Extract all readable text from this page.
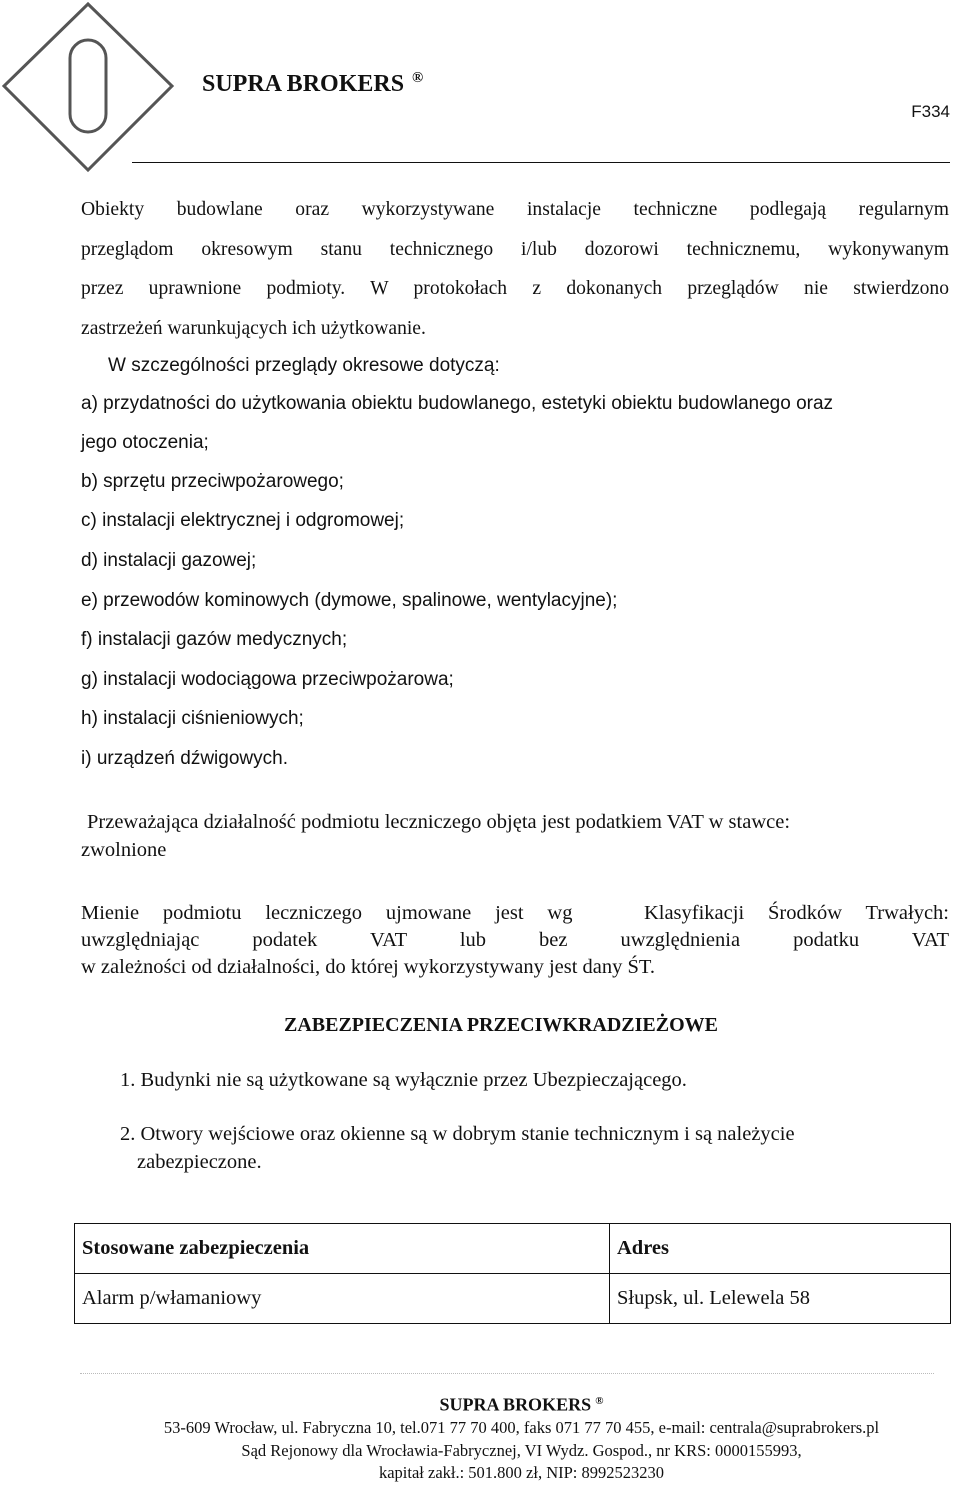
SUPRA BROKERS ®
F334
Obiekty budowlane oraz wykorzystywane instalacje techniczne podlegają regularnym
przeglądom okresowym stanu technicznego i/lub dozorowi technicznemu, wykonywanym
przez uprawnione podmioty. W protokołach z dokonanych przeglądów nie stwierdzono
zastrzeżeń warunkujących ich użytkowanie.
W szczególności przeglądy okresowe dotyczą:
a) przydatności do użytkowania obiektu budowlanego, estetyki obiektu budowlanego oraz
jego otoczenia;
b) sprzętu przeciwpożarowego;
c) instalacji elektrycznej i odgromowej;
d) instalacji gazowej;
e) przewodów kominowych (dymowe, spalinowe, wentylacyjne);
f) instalacji gazów medycznych;
g) instalacji wodociągowa przeciwpożarowa;
h) instalacji ciśnieniowych;
i) urządzeń dźwigowych.
Przeważająca działalność podmiotu leczniczego objęta jest podatkiem VAT w stawce:
zwolnione
Mienie podmiotu leczniczego ujmowane jest wg   Klasyfikacji Środków Trwałych:
uwzględniając podatek VAT lub bez uwzględnienia podatku VAT
w zależności od działalności, do której wykorzystywany jest dany ŚT.
ZABEZPIECZENIA PRZECIWKRADZIEŻOWE
1. Budynki nie są użytkowane są wyłącznie przez Ubezpieczającego.
2. Otwory wejściowe oraz okienne są w dobrym stanie technicznym i są należycie
zabezpieczone.
Stosowane zabezpieczenia	Adres
Alarm p/włamaniowy	Słupsk, ul. Lelewela 58
SUPRA BROKERS ®
53-609 Wrocław, ul. Fabryczna 10, tel.071 77 70 400, faks 071 77 70 455, e-mail: centrala@suprabrokers.pl
Sąd Rejonowy dla Wrocławia-Fabrycznej, VI Wydz. Gospod., nr KRS: 0000155993,
kapitał zakł.: 501.800 zł, NIP: 8992523230
